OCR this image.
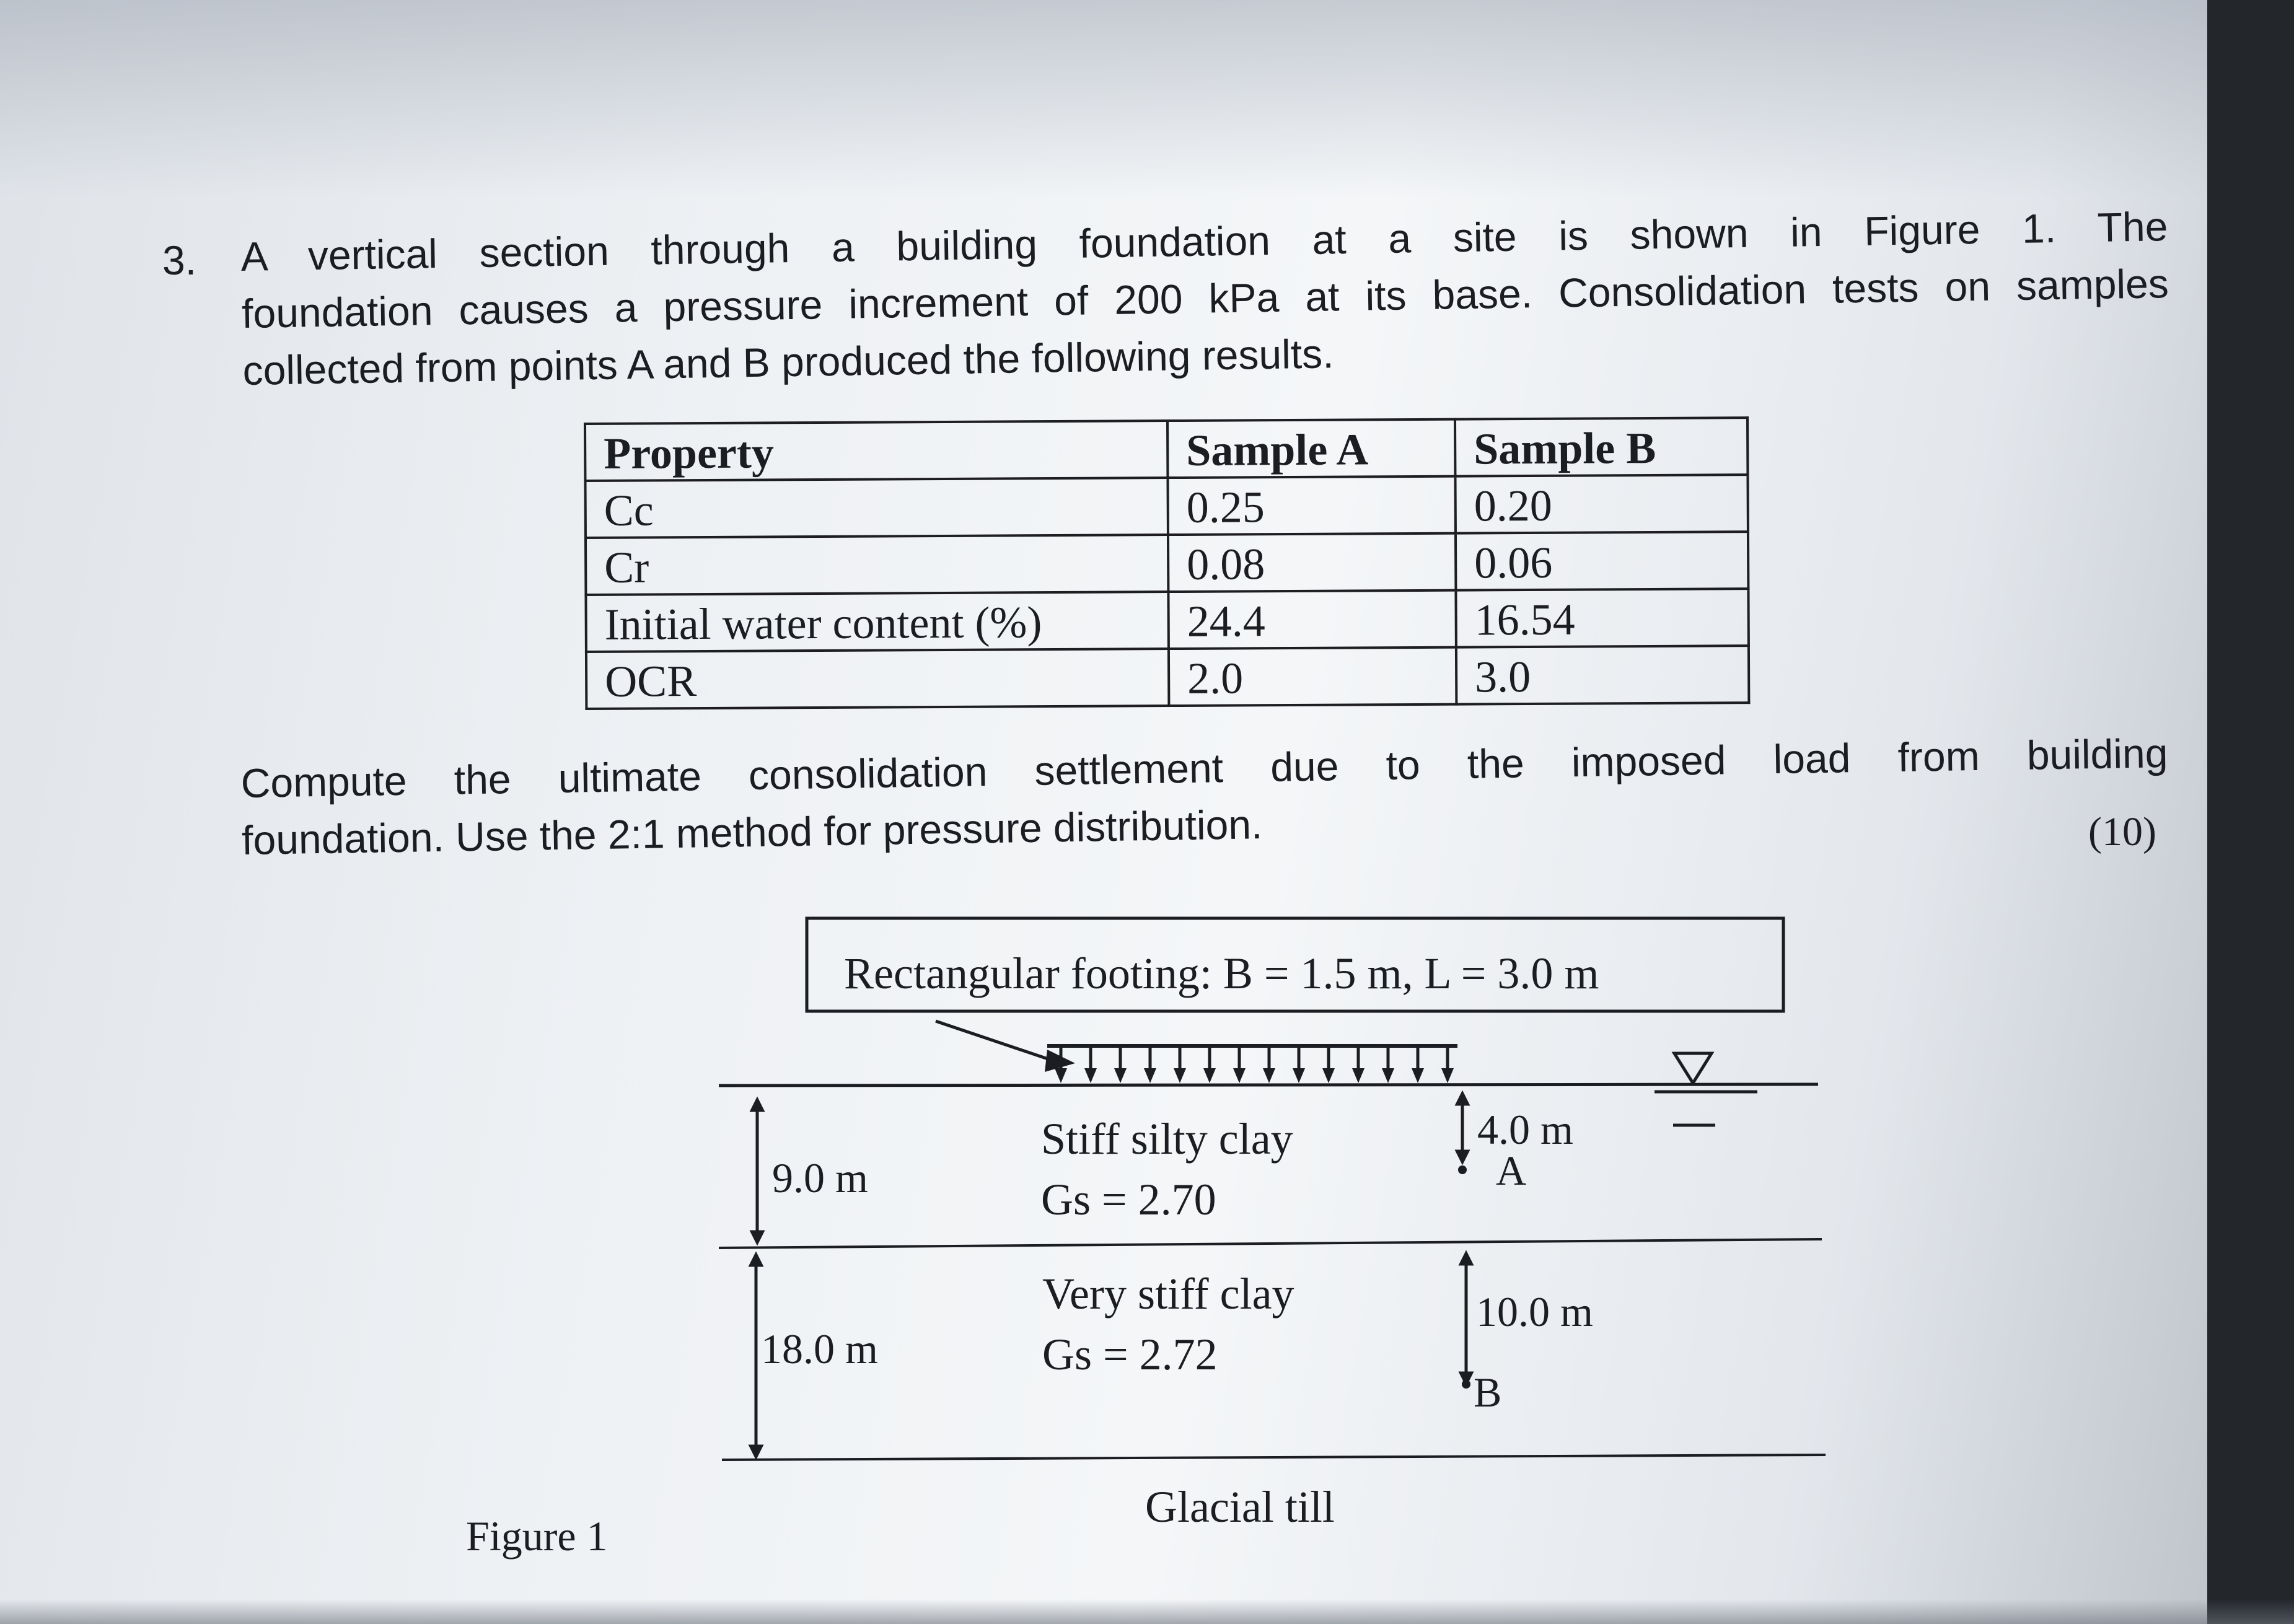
3. A vertical section through a building foundation at a site is shown in Figure 1. The
foundation causes a pressure increment of 200 kPa at its base. Consolidation tests on samples
collected from points A and B produced the following results.

Property	Sample A	Sample B
Cc	0.25	0.20
Cr	0.08	0.06
Initial water content (%)	24.4	16.54
OCR	2.0	3.0

Compute the ultimate consolidation settlement due to the imposed load from building
foundation. Use the 2:1 method for pressure distribution.	(10)
Rectangular footing: B = 1.5 m, L = 3.0 m
9.0 m
18.0 m
Stiff silty clay
Gs = 2.70
Very stiff clay
Gs = 2.72
4.0 m
A
10.0 m
B
Glacial till
Figure 1
